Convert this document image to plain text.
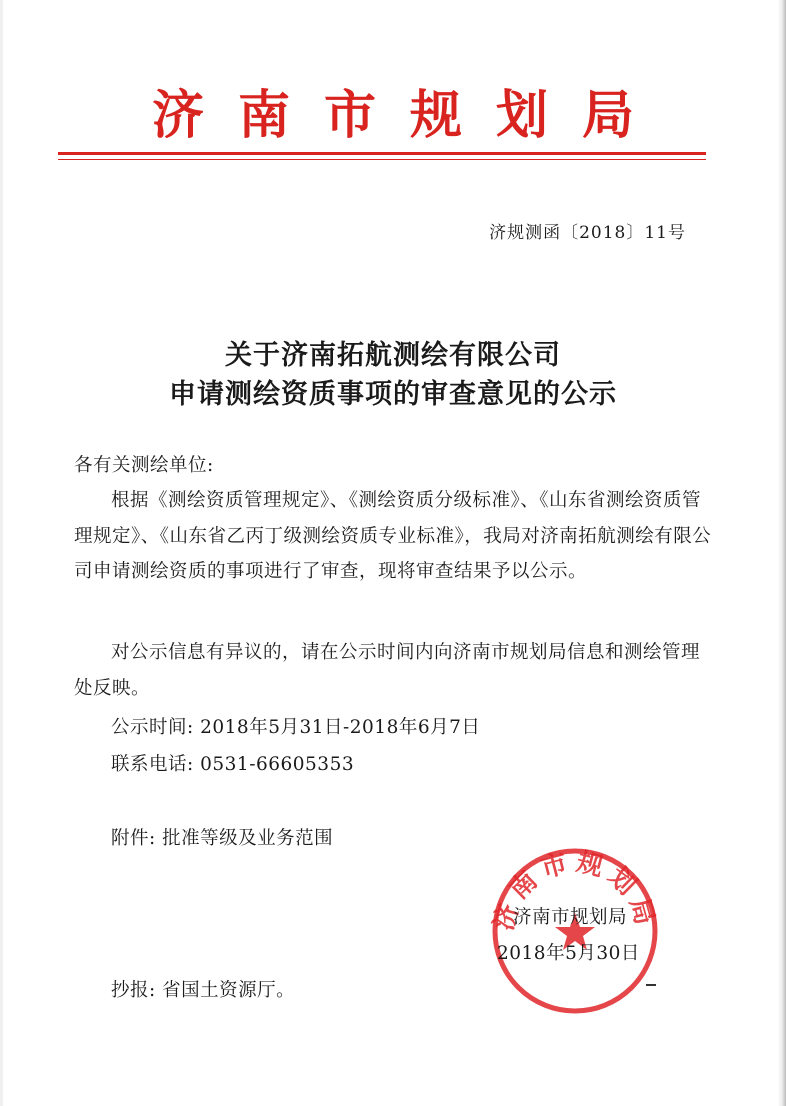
济南市规划局
济规测函〔2018〕11号
关于济南拓航测绘有限公司
申请测绘资质事项的审查意见的公示
各有关测绘单位:
根据《测绘资质管理规定》、《测绘资质分级标准》、《山东省测绘资质管理规定》、《山东省乙丙丁级测绘资质专业标准》，我局对济南拓航测绘有限公司申请测绘资质的事项进行了审查，现将审查结果予以公示。
对公示信息有异议的，请在公示时间内向济南市规划局信息和测绘管理处反映。
公示时间: 2018年5月31日-2018年6月7日
联系电话: 0531-66605353
附件: 批准等级及业务范围
济南市规划局
济南市规划局
2018年5月30日
抄报: 省国土资源厅。
